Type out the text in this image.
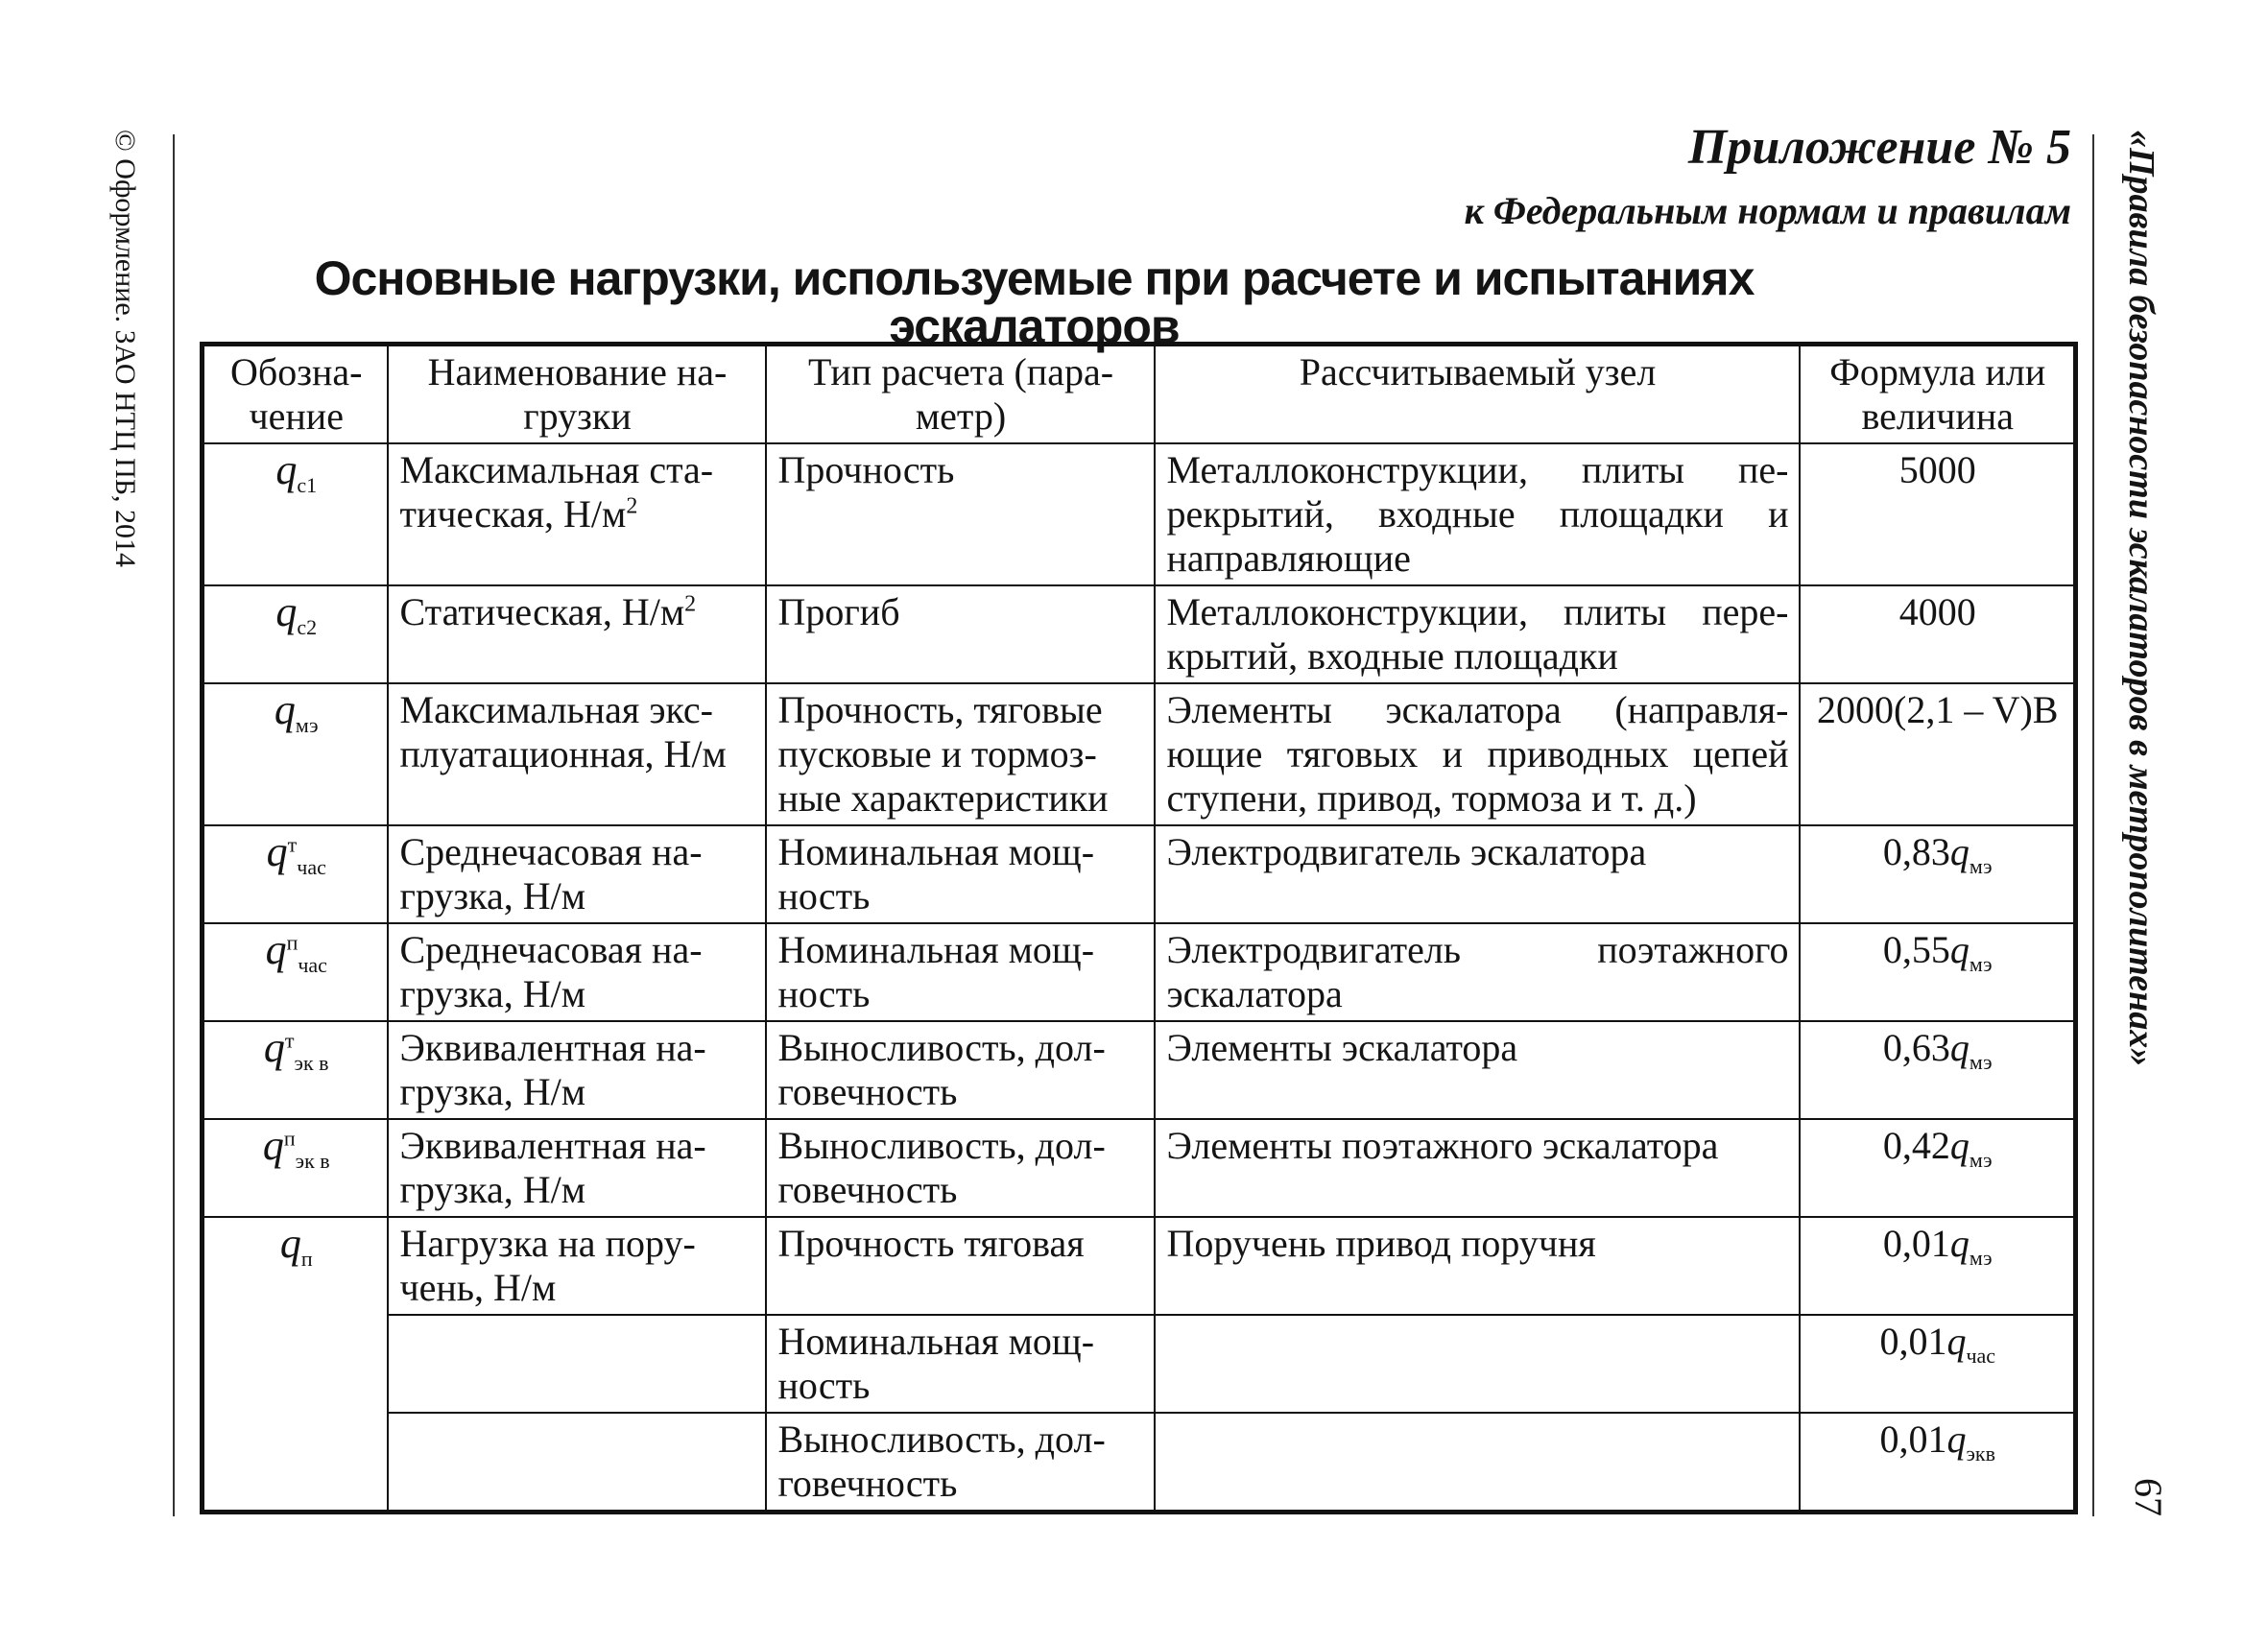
© Оформление. ЗАО НТЦ ПБ, 2014	«Правила безопасности эскалаторов в метрополитенах»
67
Приложение № 5
к Федеральным нормам и правилам
Основные нагрузки, используемые при расчете и испытаниях эскалаторов
Обозна-чение	Наименование на-грузки	Тип расчета (пара-метр)	Рассчитываемый узел	Формула или величина
$q_{с1}$	Максимальная ста-тическая, $Н/м^2$	Прочность	Металлоконструкции, плиты пе-рекрытий, входные площадки и направляющие	5000
$q_{с2}$	Статическая, $Н/м^2$	Прогиб	Металлоконструкции, плиты пере-крытий, входные площадки	4000
$q_{мэ}$	Максимальная экс-плуатационная, Н/м	Прочность, тяговые пусковые и тормоз-ные характеристики	Элементы эскалатора (направля-ющие тяговых и приводных цепей ступени, привод, тормоза и т. д.)	2000(2,1 – V)B
$q^т_{час}$	Среднечасовая на-грузка, Н/м	Номинальная мощ-ность	Электродвигатель эскалатора	$0,83q_{мэ}$
$q^п_{час}$	Среднечасовая на-грузка, Н/м	Номинальная мощ-ность	Электродвигатель поэтажного эскалатора	$0,55q_{мэ}$
$q^т_{эк в}$	Эквивалентная на-грузка, Н/м	Выносливость, дол-говечность	Элементы эскалатора	$0,63q_{мэ}$
$q^п_{эк в}$	Эквивалентная на-грузка, Н/м	Выносливость, дол-говечность	Элементы поэтажного эскалатора	$0,42q_{мэ}$
$q_п$	Нагрузка на пору-чень, Н/м	Прочность тяговая	Поручень привод поручня	$0,01q_{мэ}$
		Номинальная мощ-ность		$0,01q_{час}$
		Выносливость, дол-говечность		$0,01q_{экв}$
